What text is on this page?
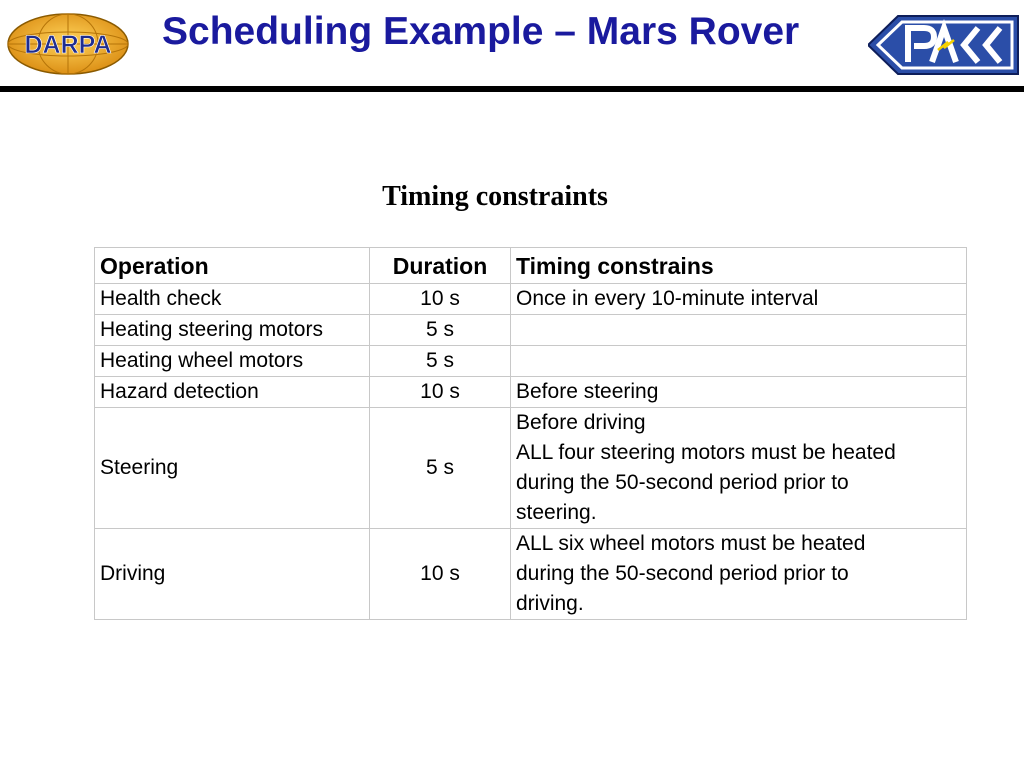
DARPA Scheduling Example – Mars Rover	PACE
Timing constraints
Operation	Duration	Timing constrains
Health check	10 s	Once in every 10-minute interval

Heating steering motors	5 s	
Heating wheel motors	5 s	
Hazard detection	10 s	Before steering

Steering	5 s	Before driving
ALL four steering motors must be heated
during the 50-second period prior to
steering.

Driving	10 s	ALL six wheel motors must be heated
during the 50-second period prior to
driving.
